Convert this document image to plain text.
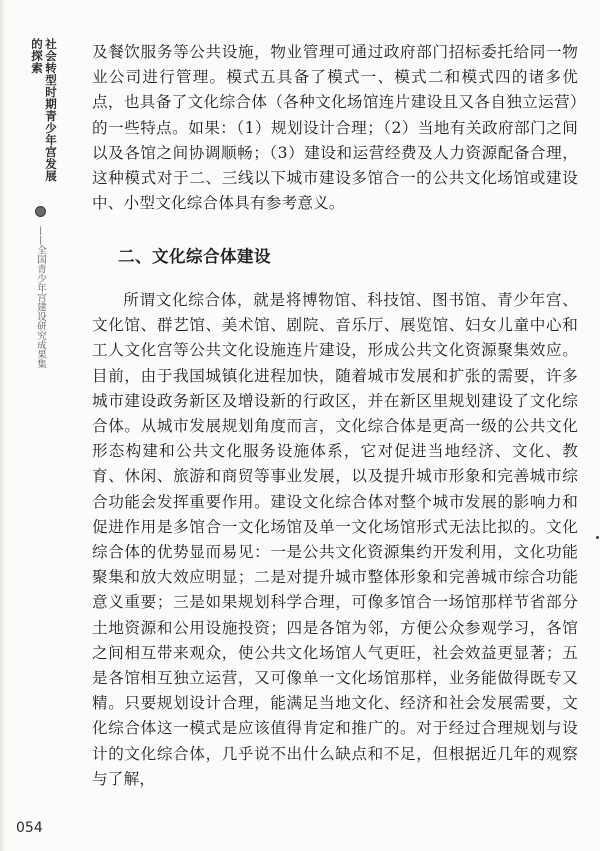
社会转型时期青少年宫发展的探索
——全国青少年宫建设研究成果集

及餐饮服务等公共设施，物业管理可通过政府部门招标委托给同一物业公司进行管理。模式五具备了模式一、模式二和模式四的诸多优点，也具备了文化综合体（各种文化场馆连片建设且又各自独立运营）的一些特点。如果：（1）规划设计合理；（2）当地有关政府部门之间以及各馆之间协调顺畅；（3）建设和运营经费及人力资源配备合理，这种模式对于二、三线以下城市建设多馆合一的公共文化场馆或建设中、小型文化综合体具有参考意义。

二、文化综合体建设

所谓文化综合体，就是将博物馆、科技馆、图书馆、青少年宫、文化馆、群艺馆、美术馆、剧院、音乐厅、展览馆、妇女儿童中心和工人文化宫等公共文化设施连片建设，形成公共文化资源聚集效应。目前，由于我国城镇化进程加快，随着城市发展和扩张的需要，许多城市建设政务新区及增设新的行政区，并在新区里规划建设了文化综合体。从城市发展规划角度而言，文化综合体是更高一级的公共文化形态构建和公共文化服务设施体系，它对促进当地经济、文化、教育、休闲、旅游和商贸等事业发展，以及提升城市形象和完善城市综合功能会发挥重要作用。建设文化综合体对整个城市发展的影响力和促进作用是多馆合一文化场馆及单一文化场馆形式无法比拟的。文化综合体的优势显而易见：一是公共文化资源集约开发利用，文化功能聚集和放大效应明显；二是对提升城市整体形象和完善城市综合功能意义重要；三是如果规划科学合理，可像多馆合一场馆那样节省部分土地资源和公用设施投资；四是各馆为邻，方便公众参观学习，各馆之间相互带来观众，使公共文化场馆人气更旺，社会效益更显著；五是各馆相互独立运营，又可像单一文化场馆那样，业务能做得既专又精。只要规划设计合理，能满足当地文化、经济和社会发展需要，文化综合体这一模式是应该值得肯定和推广的。对于经过合理规划与设计的文化综合体，几乎说不出什么缺点和不足，但根据近几年的观察与了解，

054
